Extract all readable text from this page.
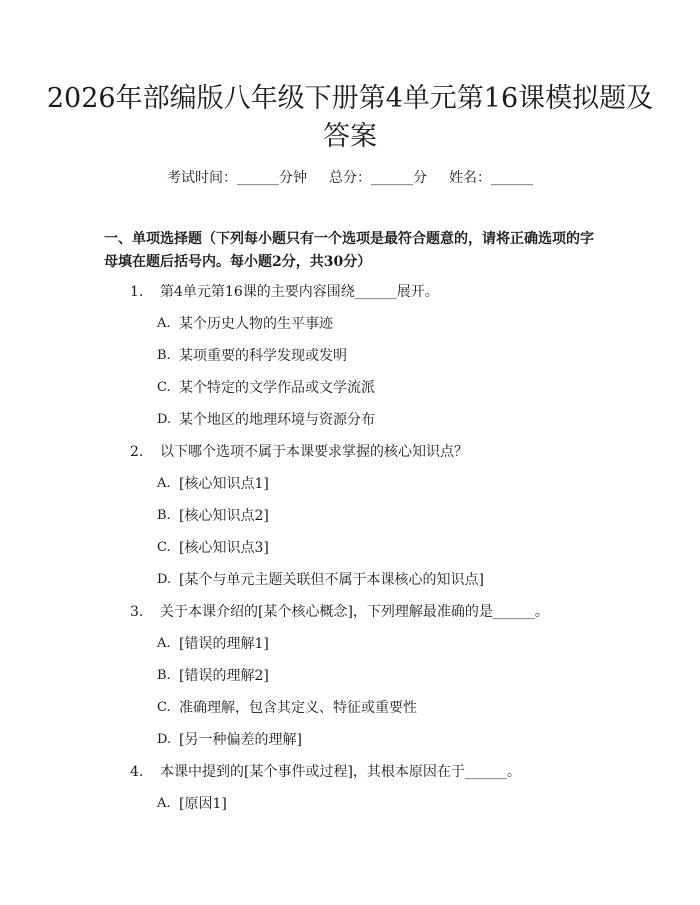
2026年部编版八年级下册第4单元第16课模拟题及答案
考试时间：______分钟 总分：______分 姓名：______

一、单项选择题（下列每小题只有一个选项是最符合题意的，请将正确选项的字母填在题后括号内。每小题2分，共30分）

1. 第4单元第16课的主要内容围绕______展开。
A. 某个历史人物的生平事迹
B. 某项重要的科学发现或发明
C. 某个特定的文学作品或文学流派
D. 某个地区的地理环境与资源分布
2. 以下哪个选项不属于本课要求掌握的核心知识点？
A. [核心知识点1]
B. [核心知识点2]
C. [核心知识点3]
D. [某个与单元主题关联但不属于本课核心的知识点]
3. 关于本课介绍的[某个核心概念]，下列理解最准确的是______。
A. [错误的理解1]
B. [错误的理解2]
C. 准确理解，包含其定义、特征或重要性
D. [另一种偏差的理解]
4. 本课中提到的[某个事件或过程]，其根本原因在于______。
A. [原因1]
